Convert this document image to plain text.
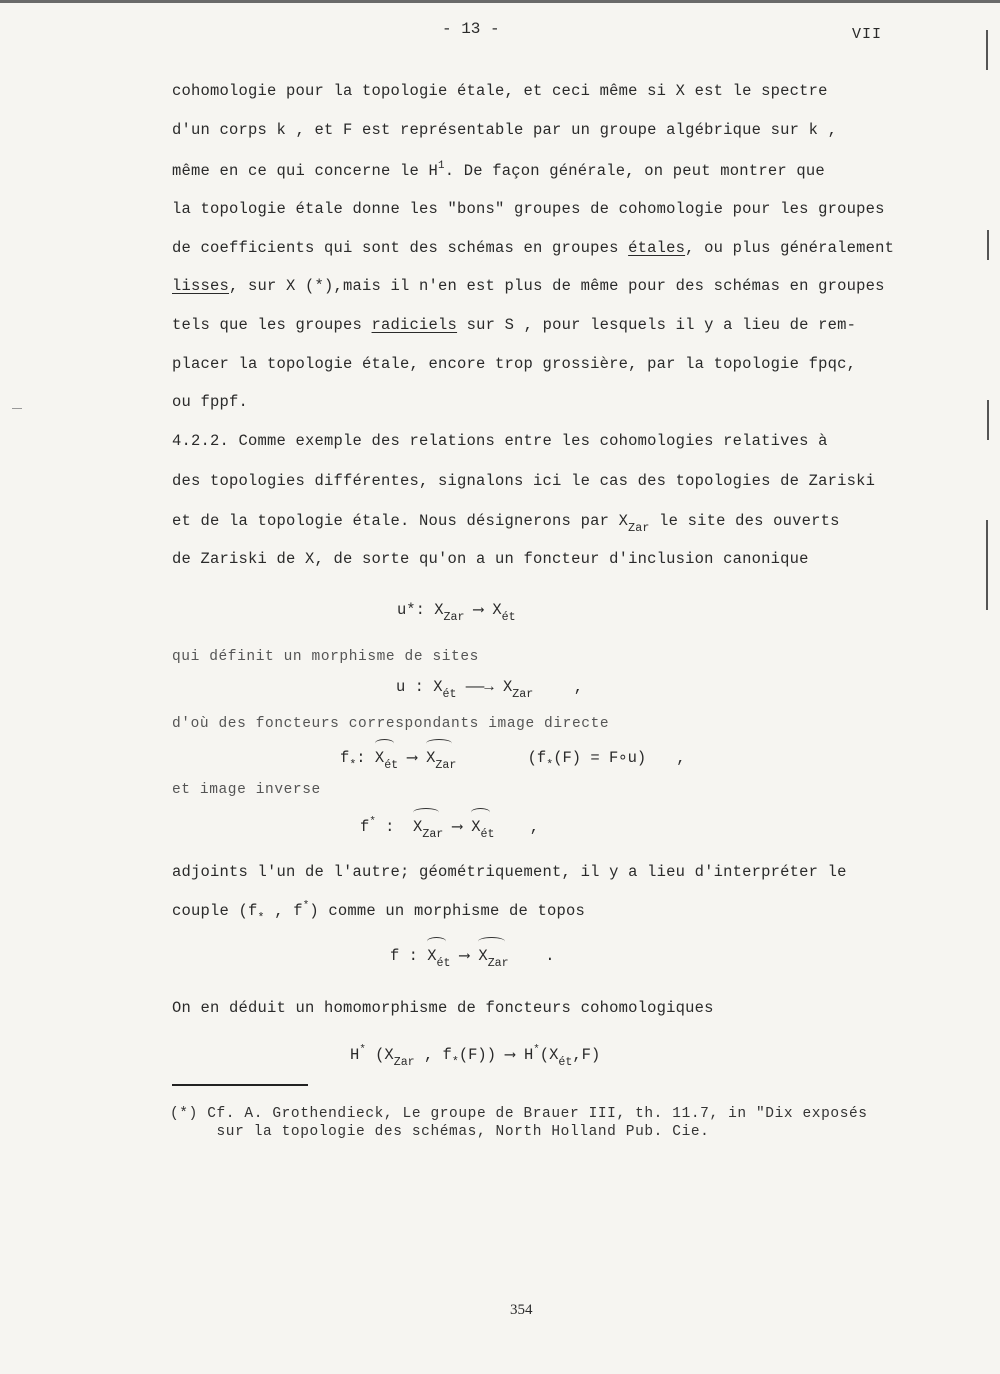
- 13 -	VII
cohomologie pour la topologie étale, et ceci même si X est le spectre
d'un corps k , et F est représentable par un groupe algébrique sur k ,
même en ce qui concerne le $H^1$. De façon générale, on peut montrer que
la topologie étale donne les "bons" groupes de cohomologie pour les groupes
de coefficients qui sont des schémas en groupes étales, ou plus généralement
lisses, sur X (*),mais il n'en est plus de même pour des schémas en groupes
tels que les groupes radiciels sur S , pour lesquels il y a lieu de rem-
placer la topologie étale, encore trop grossière, par la topologie fpqc,
ou fppf.
4.2.2. Comme exemple des relations entre les cohomologies relatives à
des topologies différentes, signalons ici le cas des topologies de Zariski
et de la topologie étale. Nous désignerons par $X_{Zar}$ le site des ouverts
de Zariski de X, de sorte qu'on a un foncteur d'inclusion canonique
u*: $X_{Zar}$ ⟶ $X_{ét}$
qui définit un morphisme de sites
u : $X_{ét}$ ——→ $X_{Zar}$	,
d'où des foncteurs correspondants image directe
$f_*$: $X_{ét}$ ⟶ $X_{Zar}$	($f_*(F)$ = F∘u) ,
et image inverse
f* :  $X_{Zar}$ ⟶ $X_{ét}$ ,
adjoints l'un de l'autre; géométriquement, il y a lieu d'interpréter le
couple ($f_*$ , f*) comme un morphisme de topos
f : $X_{ét}$ ⟶ $X_{Zar}$ .
On en déduit un homomorphisme de foncteurs cohomologiques
H* ($X_{Zar}$ , $f_*(F)$) ⟶ $H^*(X_{ét},F)$
(*) Cf. A. Grothendieck, Le groupe de Brauer III, th. 11.7, in "Dix exposés
sur la topologie des schémas, North Holland Pub. Cie.
354
